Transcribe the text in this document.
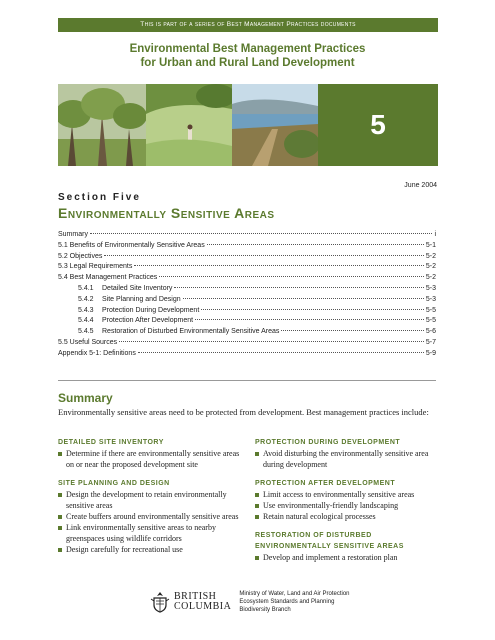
This is part of a series of Best Management Practices documents
Environmental Best Management Practices
for Urban and Rural Land Development
5
June 2004
Section Five
Environmentally Sensitive Areas
Summary	i
5.1 Benefits of Environmentally Sensitive Areas	5-1
5.2 Objectives	5-2
5.3 Legal Requirements	5-2
5.4 Best Management Practices	5-2
5.4.1	Detailed Site Inventory	5-3
5.4.2	Site Planning and Design	5-3
5.4.3	Protection During Development	5-5
5.4.4	Protection After Development	5-5
5.4.5	Restoration of Disturbed Environmentally Sensitive Areas	5-6
5.5 Useful Sources	5-7
Appendix 5-1: Definitions	5-9
Summary
Environmentally sensitive areas need to be protected from development. Best management practices include:
DETAILED SITE INVENTORY
Determine if there are environmentally sensitive areas on or near the proposed development site
SITE PLANNING AND DESIGN
Design the development to retain environmentally sensitive areas
Create buffers around environmentally sensitive areas
Link environmentally sensitive areas to nearby greenspaces using wildlife corridors
Design carefully for recreational use
PROTECTION DURING DEVELOPMENT
Avoid disturbing the environmentally sensitive area during development
PROTECTION AFTER DEVELOPMENT
Limit access to environmentally sensitive areas
Use environmentally-friendly landscaping
Retain natural ecological processes
RESTORATION OF DISTURBED ENVIRONMENTALLY SENSITIVE AREAS
Develop and implement a restoration plan
BRITISH
COLUMBIA
Ministry of Water, Land and Air Protection
Ecosystem Standards and Planning
Biodiversity Branch
